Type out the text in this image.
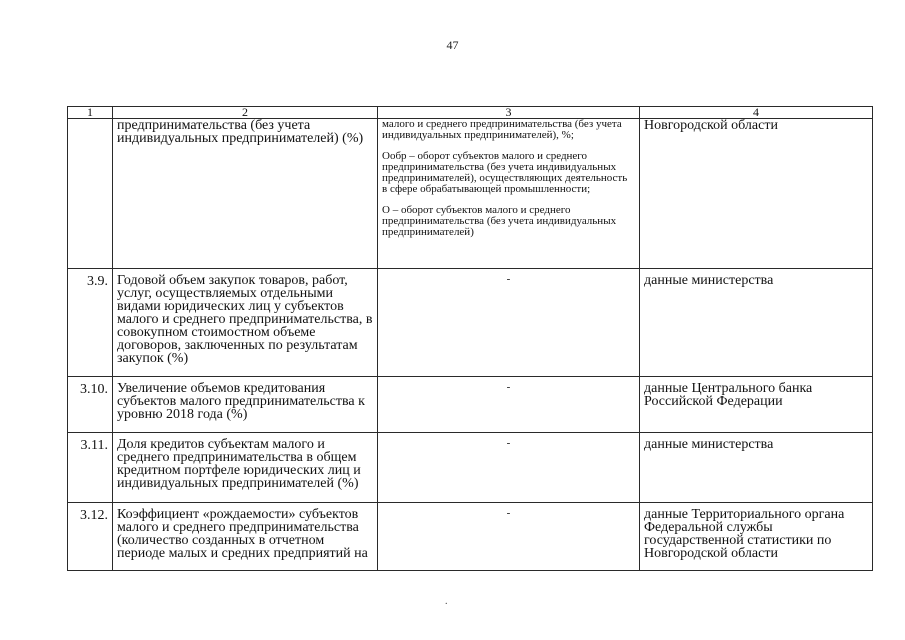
47
1	2	3	4
	предпринимательства (без учета индивидуальных предпринимателей) (%)	малого и среднего предпринимательства (без учета индивидуальных предпринимателей), %;
Ообр – оборот субъектов малого и среднего предпринимательства (без учета индивидуальных предпринимателей), осуществляющих деятельность в сфере обрабатывающей промышленности;
О – оборот субъектов малого и среднего предпринимательства (без учета индивидуальных предпринимателей)	Новгородской области
3.9.	Годовой объем закупок товаров, работ, услуг, осуществляемых отдельными видами юридических лиц у субъектов малого и среднего предпринимательства, в совокупном стоимостном объеме договоров, заключенных по результатам закупок (%)	-	данные министерства
3.10.	Увеличение объемов кредитования субъектов малого предпринимательства к уровню 2018 года (%)	-	данные Центрального банка Российской Федерации
3.11.	Доля кредитов субъектам малого и среднего предпринимательства в общем кредитном портфеле юридических лиц и индивидуальных предпринимателей (%)	-	данные министерства
3.12.	Коэффициент «рождаемости» субъектов малого и среднего предпринимательства (количество созданных в отчетном периоде малых и средних предприятий на	-	данные Территориального органа Федеральной службы государственной статистики по Новгородской области
.
